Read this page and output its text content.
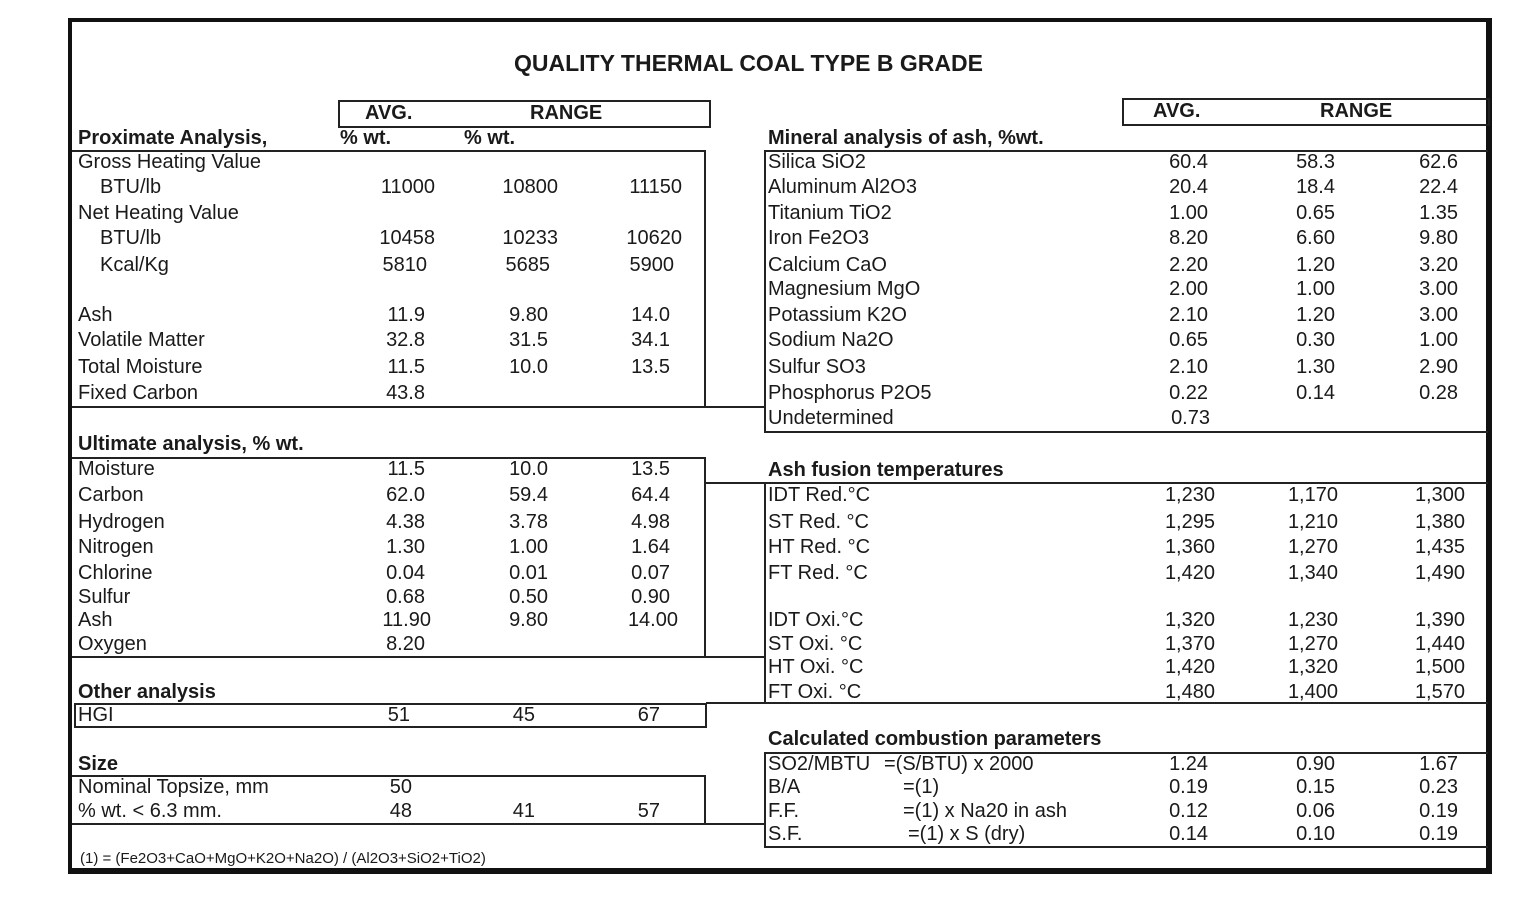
QUALITY THERMAL COAL TYPE B GRADE
AVG.	RANGE	AVG.	RANGE
Proximate Analysis,	% wt.	% wt.
Gross Heating Value
BTU/lb	11000	10800	11150
Net Heating Value
BTU/lb	10458	10233	10620
Kcal/Kg	5810	5685	5900
Ash	11.9	9.80	14.0
Volatile Matter	32.8	31.5	34.1
Total Moisture	11.5	10.0	13.5
Fixed Carbon	43.8
Ultimate analysis, % wt.
Moisture	11.5	10.0	13.5
Carbon	62.0	59.4	64.4
Hydrogen	4.38	3.78	4.98
Nitrogen	1.30	1.00	1.64
Chlorine	0.04	0.01	0.07
Sulfur	0.68	0.50	0.90
Ash	11.90	9.80	14.00
Oxygen	8.20
Other analysis
HGI	51	45	67
Size
Nominal Topsize, mm	50
% wt. < 6.3 mm.	48	41	57
(1) = (Fe2O3+CaO+MgO+K2O+Na2O) / (Al2O3+SiO2+TiO2)
Mineral analysis of ash, %wt.
Silica SiO2	60.4	58.3	62.6
Aluminum Al2O3	20.4	18.4	22.4
Titanium TiO2	1.00	0.65	1.35
Iron Fe2O3	8.20	6.60	9.80
Calcium CaO	2.20	1.20	3.20
Magnesium MgO	2.00	1.00	3.00
Potassium K2O	2.10	1.20	3.00
Sodium Na2O	0.65	0.30	1.00
Sulfur SO3	2.10	1.30	2.90
Phosphorus P2O5	0.22	0.14	0.28
Undetermined	0.73
Ash fusion temperatures
IDT Red.°C	1,230	1,170	1,300
ST Red. °C	1,295	1,210	1,380
HT Red. °C	1,360	1,270	1,435
FT Red. °C	1,420	1,340	1,490
IDT Oxi.°C	1,320	1,230	1,390
ST Oxi. °C	1,370	1,270	1,440
HT Oxi. °C	1,420	1,320	1,500
FT Oxi. °C	1,480	1,400	1,570
Calculated combustion parameters
SO2/MBTU =(S/BTU) x 2000	1.24	0.90	1.67
B/A	=(1)	0.19	0.15	0.23
F.F.	=(1) x Na20 in ash	0.12	0.06	0.19
S.F.	=(1) x S (dry)	0.14	0.10	0.19
